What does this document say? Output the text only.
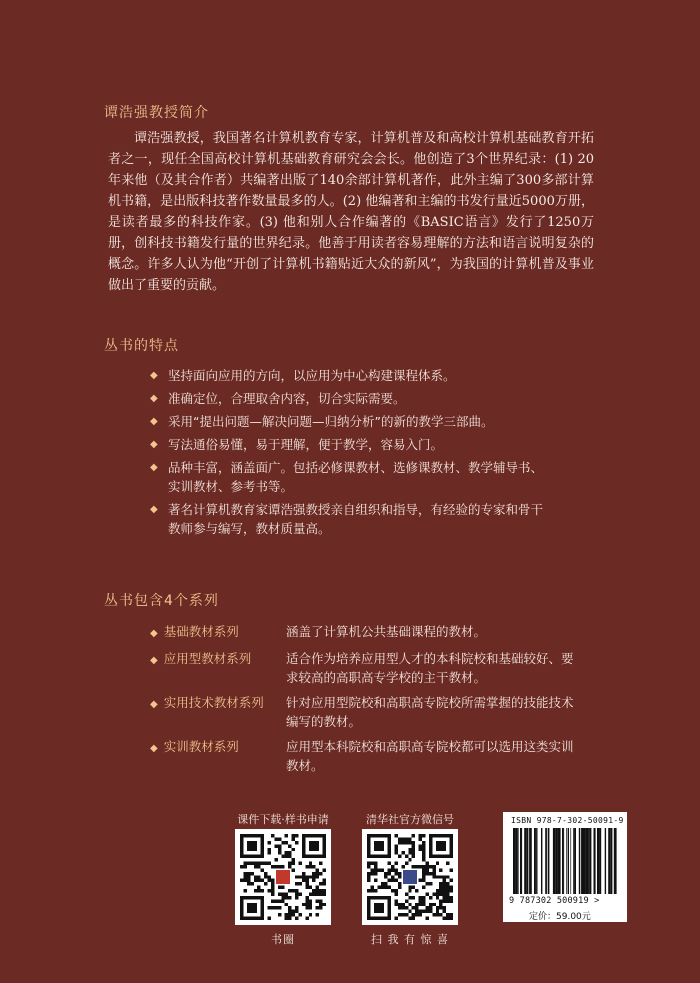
谭浩强教授简介

谭浩强教授，我国著名计算机教育专家，计算机普及和高校计算机基础教育开拓者之一，现任全国高校计算机基础教育研究会会长。他创造了3个世界纪录：(1) 20年来他（及其合作者）共编著出版了140余部计算机著作，此外主编了300多部计算机书籍，是出版科技著作数量最多的人。(2) 他编著和主编的书发行量近5000万册，是读者最多的科技作家。(3) 他和别人合作编著的《BASIC语言》发行了1250万册，创科技书籍发行量的世界纪录。他善于用读者容易理解的方法和语言说明复杂的概念。许多人认为他“开创了计算机书籍贴近大众的新风”，为我国的计算机普及事业做出了重要的贡献。

丛书的特点
◆ 坚持面向应用的方向，以应用为中心构建课程体系。
◆ 准确定位，合理取舍内容，切合实际需要。
◆ 采用“提出问题—解决问题—归纳分析”的新的教学三部曲。
◆ 写法通俗易懂，易于理解，便于教学，容易入门。
◆ 品种丰富，涵盖面广。包括必修课教材、选修课教材、教学辅导书、实训教材、参考书等。
◆ 著名计算机教育家谭浩强教授亲自组织和指导，有经验的专家和骨干教师参与编写，教材质量高。
丛书包含4个系列
◆ 基础教材系列	涵盖了计算机公共基础课程的教材。
◆ 应用型教材系列	适合作为培养应用型人才的本科院校和基础较好、要求较高的高职高专学校的主干教材。
◆ 实用技术教材系列	针对应用型院校和高职高专院校所需掌握的技能技术编写的教材。
◆ 实训教材系列	应用型本科院校和高职高专院校都可以选用这类实训教材。
课件下载·样书申请
书圈
清华社官方微信号
扫 我 有 惊 喜
ISBN 978-7-302-50091-9
9 787302 500919 >
定价：59.00元
